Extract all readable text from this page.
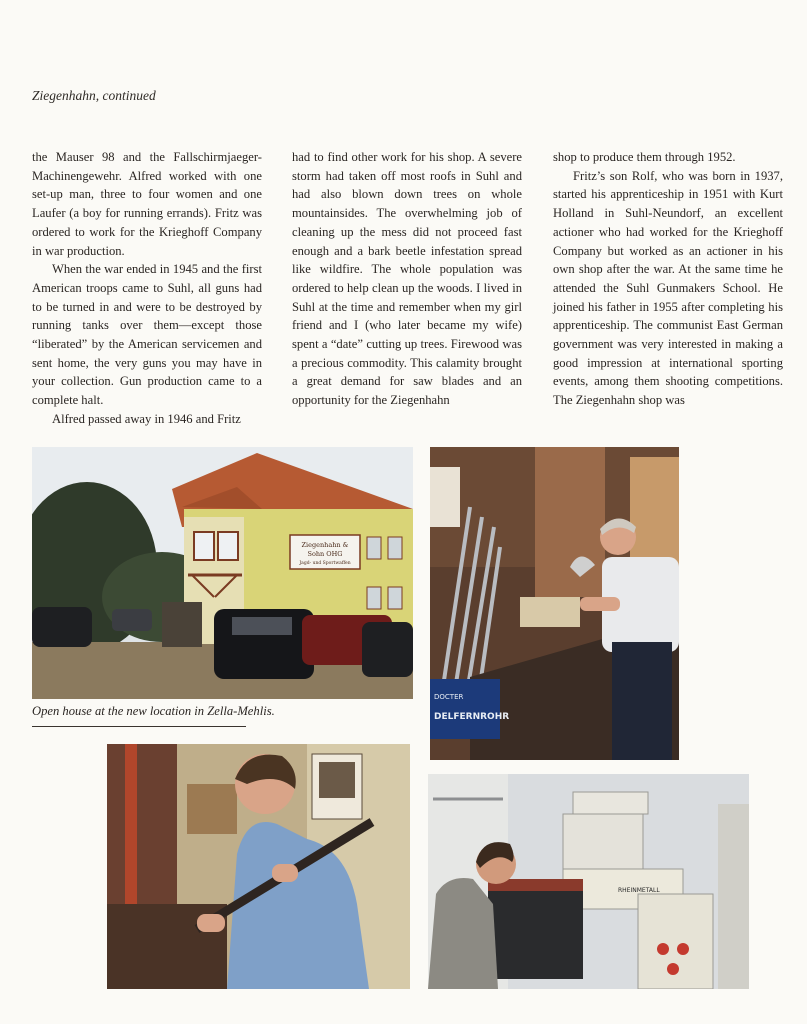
Ziegenhahn, continued

the Mauser 98 and the Fallschirmjaeger-Machinengewehr. Alfred worked with one set-up man, three to four women and one Laufer (a boy for running errands). Fritz was ordered to work for the Krieghoff Company in war production.

When the war ended in 1945 and the first American troops came to Suhl, all guns had to be turned in and were to be destroyed by running tanks over them—except those “liberated” by the American servicemen and sent home, the very guns you may have in your collection. Gun production came to a complete halt.

Alfred passed away in 1946 and Fritz

had to find other work for his shop. A severe storm had taken off most roofs in Suhl and had also blown down trees on whole mountainsides. The overwhelming job of cleaning up the mess did not proceed fast enough and a bark beetle infestation spread like wildfire. The whole population was ordered to help clean up the woods. I lived in Suhl at the time and remember when my girl friend and I (who later became my wife) spent a “date” cutting up trees. Firewood was a precious commodity. This calamity brought a great demand for saw blades and an opportunity for the Ziegenhahn

shop to produce them through 1952.

Fritz’s son Rolf, who was born in 1937, started his apprenticeship in 1951 with Kurt Holland in Suhl-Neundorf, an excellent actioner who had worked for the Krieghoff Company but worked as an actioner in his own shop after the war. At the same time he attended the Suhl Gunmakers School. He joined his father in 1955 after completing his apprenticeship. The communist East German government was very interested in making a good impression at international sporting events, among them shooting competitions. The Ziegenhahn shop was

Ziegenhahn &
Sohn OHG
Jagd- und Sportwaffen
Open house at the new location in Zella-Mehlis.
DOCTER
DELFERNROHR
RHEINMETALL
